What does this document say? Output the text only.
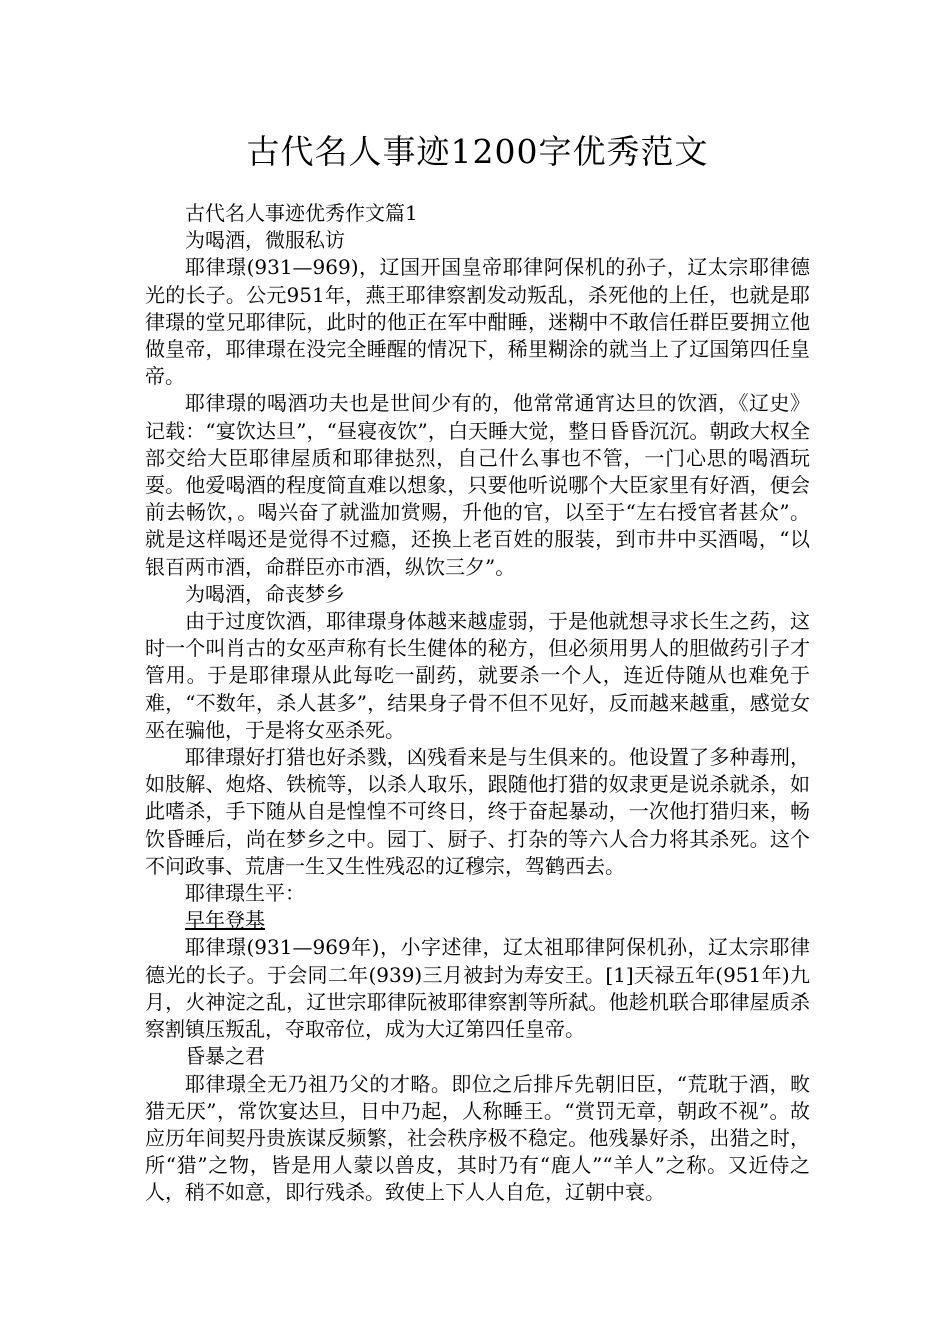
古代名人事迹1200字优秀范文

古代名人事迹优秀作文篇1

为喝酒，微服私访

耶律璟(931—969)，辽国开国皇帝耶律阿保机的孙子，辽太宗耶律德光的长子。公元951年，燕王耶律察割发动叛乱，杀死他的上任，也就是耶律璟的堂兄耶律阮，此时的他正在军中酣睡，迷糊中不敢信任群臣要拥立他做皇帝，耶律璟在没完全睡醒的情况下，稀里糊涂的就当上了辽国第四任皇帝。

耶律璟的喝酒功夫也是世间少有的，他常常通宵达旦的饮酒，《辽史》记载：“宴饮达旦”，“昼寝夜饮”，白天睡大觉，整日昏昏沉沉。朝政大权全部交给大臣耶律屋质和耶律挞烈，自己什么事也不管，一门心思的喝酒玩耍。他爱喝酒的程度简直难以想象，只要他听说哪个大臣家里有好酒，便会前去畅饮，。喝兴奋了就滥加赏赐，升他的官，以至于“左右授官者甚众”。就是这样喝还是觉得不过瘾，还换上老百姓的服装，到市井中买酒喝，“以银百两市酒，命群臣亦市酒，纵饮三夕”。

为喝酒，命丧梦乡

由于过度饮酒，耶律璟身体越来越虚弱，于是他就想寻求长生之药，这时一个叫肖古的女巫声称有长生健体的秘方，但必须用男人的胆做药引子才管用。于是耶律璟从此每吃一副药，就要杀一个人，连近侍随从也难免于难，“不数年，杀人甚多”，结果身子骨不但不见好，反而越来越重，感觉女巫在骗他，于是将女巫杀死。

耶律璟好打猎也好杀戮，凶残看来是与生俱来的。他设置了多种毒刑，如肢解、炮烙、铁梳等，以杀人取乐，跟随他打猎的奴隶更是说杀就杀，如此嗜杀，手下随从自是惶惶不可终日，终于奋起暴动，一次他打猎归来，畅饮昏睡后，尚在梦乡之中。园丁、厨子、打杂的等六人合力将其杀死。这个不问政事、荒唐一生又生性残忍的辽穆宗，驾鹤西去。

耶律璟生平：

早年登基

耶律璟(931—969年)，小字述律，辽太祖耶律阿保机孙，辽太宗耶律德光的长子。于会同二年(939)三月被封为寿安王。[1]天禄五年(951年)九月，火神淀之乱，辽世宗耶律阮被耶律察割等所弑。他趁机联合耶律屋质杀察割镇压叛乱，夺取帝位，成为大辽第四任皇帝。

昏暴之君

耶律璟全无乃祖乃父的才略。即位之后排斥先朝旧臣，“荒耽于酒，畋猎无厌”，常饮宴达旦，日中乃起，人称睡王。“赏罚无章，朝政不视”。故应历年间契丹贵族谋反频繁，社会秩序极不稳定。他残暴好杀，出猎之时，所“猎”之物，皆是用人蒙以兽皮，其时乃有“鹿人”“羊人”之称。又近侍之人，稍不如意，即行残杀。致使上下人人自危，辽朝中衰。
